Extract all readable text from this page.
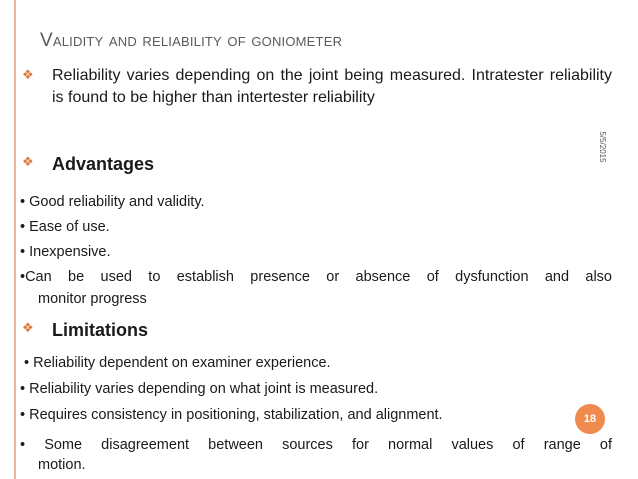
Validity and reliability of goniometer
5/5/2015
❖	Reliability varies depending on the joint being measured. Intratester reliability is found to be higher than intertester reliability
❖	Advantages
• Good reliability and validity.
• Ease of use.
• Inexpensive.
•Can be used to establish presence or absence of dysfunction and also
monitor progress
❖	Limitations
• Reliability dependent on examiner experience.
• Reliability varies depending on what joint is measured.
• Requires consistency in positioning, stabilization, and alignment.
• Some disagreement between sources for normal values of range of
motion.
18
